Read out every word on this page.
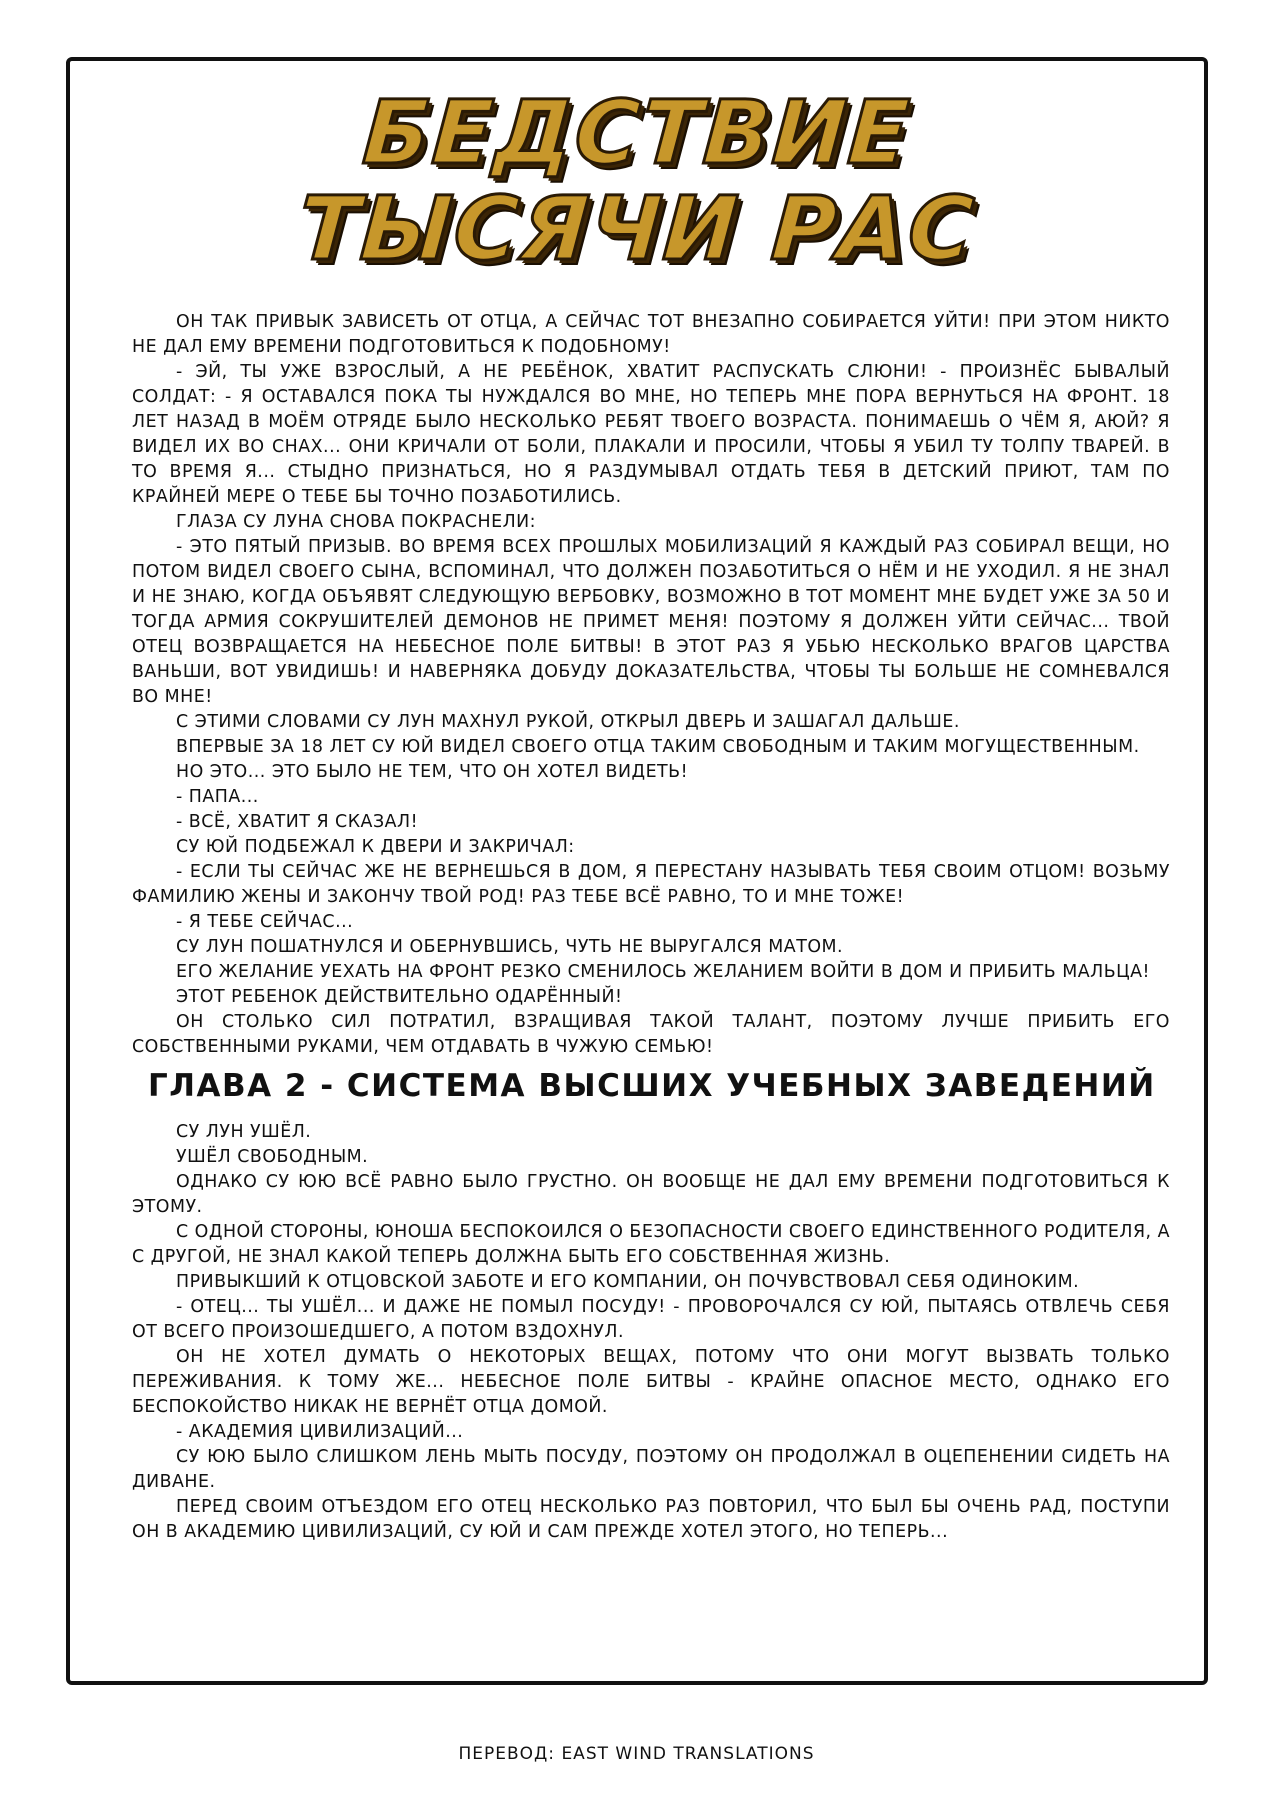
БЕДСТВИЕ
ТЫСЯЧИ РАС

ОН ТАК ПРИВЫК ЗАВИСЕТЬ ОТ ОТЦА, А СЕЙЧАС ТОТ ВНЕЗАПНО СОБИРАЕТСЯ УЙТИ! ПРИ ЭТОМ НИКТО НЕ ДАЛ ЕМУ ВРЕМЕНИ ПОДГОТОВИТЬСЯ К ПОДОБНОМУ!

- ЭЙ, ТЫ УЖЕ ВЗРОСЛЫЙ, А НЕ РЕБЁНОК, ХВАТИТ РАСПУСКАТЬ СЛЮНИ! - ПРОИЗНЁС БЫВАЛЫЙ СОЛДАТ: - Я ОСТАВАЛСЯ ПОКА ТЫ НУЖДАЛСЯ ВО МНЕ, НО ТЕПЕРЬ МНЕ ПОРА ВЕРНУТЬСЯ НА ФРОНТ. 18 ЛЕТ НАЗАД В МОЁМ ОТРЯДЕ БЫЛО НЕСКОЛЬКО РЕБЯТ ТВОЕГО ВОЗРАСТА. ПОНИМАЕШЬ О ЧЁМ Я, АЮЙ? Я ВИДЕЛ ИХ ВО СНАХ... ОНИ КРИЧАЛИ ОТ БОЛИ, ПЛАКАЛИ И ПРОСИЛИ, ЧТОБЫ Я УБИЛ ТУ ТОЛПУ ТВАРЕЙ. В ТО ВРЕМЯ Я... СТЫДНО ПРИЗНАТЬСЯ, НО Я РАЗДУМЫВАЛ ОТДАТЬ ТЕБЯ В ДЕТСКИЙ ПРИЮТ, ТАМ ПО КРАЙНЕЙ МЕРЕ О ТЕБЕ БЫ ТОЧНО ПОЗАБОТИЛИСЬ.

ГЛАЗА СУ ЛУНА СНОВА ПОКРАСНЕЛИ:

- ЭТО ПЯТЫЙ ПРИЗЫВ. ВО ВРЕМЯ ВСЕХ ПРОШЛЫХ МОБИЛИЗАЦИЙ Я КАЖДЫЙ РАЗ СОБИРАЛ ВЕЩИ, НО ПОТОМ ВИДЕЛ СВОЕГО СЫНА, ВСПОМИНАЛ, ЧТО ДОЛЖЕН ПОЗАБОТИТЬСЯ О НЁМ И НЕ УХОДИЛ. Я НЕ ЗНАЛ И НЕ ЗНАЮ, КОГДА ОБЪЯВЯТ СЛЕДУЮЩУЮ ВЕРБОВКУ, ВОЗМОЖНО В ТОТ МОМЕНТ МНЕ БУДЕТ УЖЕ ЗА 50 И ТОГДА АРМИЯ СОКРУШИТЕЛЕЙ ДЕМОНОВ НЕ ПРИМЕТ МЕНЯ! ПОЭТОМУ Я ДОЛЖЕН УЙТИ СЕЙЧАС... ТВОЙ ОТЕЦ ВОЗВРАЩАЕТСЯ НА НЕБЕСНОЕ ПОЛЕ БИТВЫ! В ЭТОТ РАЗ Я УБЬЮ НЕСКОЛЬКО ВРАГОВ ЦАРСТВА ВАНЬШИ, ВОТ УВИДИШЬ! И НАВЕРНЯКА ДОБУДУ ДОКАЗАТЕЛЬСТВА, ЧТОБЫ ТЫ БОЛЬШЕ НЕ СОМНЕВАЛСЯ ВО МНЕ!

С ЭТИМИ СЛОВАМИ СУ ЛУН МАХНУЛ РУКОЙ, ОТКРЫЛ ДВЕРЬ И ЗАШАГАЛ ДАЛЬШЕ.

ВПЕРВЫЕ ЗА 18 ЛЕТ СУ ЮЙ ВИДЕЛ СВОЕГО ОТЦА ТАКИМ СВОБОДНЫМ И ТАКИМ МОГУЩЕСТВЕННЫМ.

НО ЭТО... ЭТО БЫЛО НЕ ТЕМ, ЧТО ОН ХОТЕЛ ВИДЕТЬ!

- ПАПА...

- ВСЁ, ХВАТИТ Я СКАЗАЛ!

СУ ЮЙ ПОДБЕЖАЛ К ДВЕРИ И ЗАКРИЧАЛ:

- ЕСЛИ ТЫ СЕЙЧАС ЖЕ НЕ ВЕРНЕШЬСЯ В ДОМ, Я ПЕРЕСТАНУ НАЗЫВАТЬ ТЕБЯ СВОИМ ОТЦОМ! ВОЗЬМУ ФАМИЛИЮ ЖЕНЫ И ЗАКОНЧУ ТВОЙ РОД! РАЗ ТЕБЕ ВСЁ РАВНО, ТО И МНЕ ТОЖЕ!

- Я ТЕБЕ СЕЙЧАС...

СУ ЛУН ПОШАТНУЛСЯ И ОБЕРНУВШИСЬ, ЧУТЬ НЕ ВЫРУГАЛСЯ МАТОМ.

ЕГО ЖЕЛАНИЕ УЕХАТЬ НА ФРОНТ РЕЗКО СМЕНИЛОСЬ ЖЕЛАНИЕМ ВОЙТИ В ДОМ И ПРИБИТЬ МАЛЬЦА!

ЭТОТ РЕБЕНОК ДЕЙСТВИТЕЛЬНО ОДАРЁННЫЙ!

ОН СТОЛЬКО СИЛ ПОТРАТИЛ, ВЗРАЩИВАЯ ТАКОЙ ТАЛАНТ, ПОЭТОМУ ЛУЧШЕ ПРИБИТЬ ЕГО СОБСТВЕННЫМИ РУКАМИ, ЧЕМ ОТДАВАТЬ В ЧУЖУЮ СЕМЬЮ!

ГЛАВА 2 - СИСТЕМА ВЫСШИХ УЧЕБНЫХ ЗАВЕДЕНИЙ

СУ ЛУН УШЁЛ.

УШЁЛ СВОБОДНЫМ.

ОДНАКО СУ ЮЮ ВСЁ РАВНО БЫЛО ГРУСТНО. ОН ВООБЩЕ НЕ ДАЛ ЕМУ ВРЕМЕНИ ПОДГОТОВИТЬСЯ К ЭТОМУ.

С ОДНОЙ СТОРОНЫ, ЮНОША БЕСПОКОИЛСЯ О БЕЗОПАСНОСТИ СВОЕГО ЕДИНСТВЕННОГО РОДИТЕЛЯ, А С ДРУГОЙ, НЕ ЗНАЛ КАКОЙ ТЕПЕРЬ ДОЛЖНА БЫТЬ ЕГО СОБСТВЕННАЯ ЖИЗНЬ.

ПРИВЫКШИЙ К ОТЦОВСКОЙ ЗАБОТЕ И ЕГО КОМПАНИИ, ОН ПОЧУВСТВОВАЛ СЕБЯ ОДИНОКИМ.

- ОТЕЦ... ТЫ УШЁЛ... И ДАЖЕ НЕ ПОМЫЛ ПОСУДУ! - ПРОВОРОЧАЛСЯ СУ ЮЙ, ПЫТАЯСЬ ОТВЛЕЧЬ СЕБЯ ОТ ВСЕГО ПРОИЗОШЕДШЕГО, А ПОТОМ ВЗДОХНУЛ.

ОН НЕ ХОТЕЛ ДУМАТЬ О НЕКОТОРЫХ ВЕЩАХ, ПОТОМУ ЧТО ОНИ МОГУТ ВЫЗВАТЬ ТОЛЬКО ПЕРЕЖИВАНИЯ. К ТОМУ ЖЕ... НЕБЕСНОЕ ПОЛЕ БИТВЫ - КРАЙНЕ ОПАСНОЕ МЕСТО, ОДНАКО ЕГО БЕСПОКОЙСТВО НИКАК НЕ ВЕРНЁТ ОТЦА ДОМОЙ.

- АКАДЕМИЯ ЦИВИЛИЗАЦИЙ...

СУ ЮЮ БЫЛО СЛИШКОМ ЛЕНЬ МЫТЬ ПОСУДУ, ПОЭТОМУ ОН ПРОДОЛЖАЛ В ОЦЕПЕНЕНИИ СИДЕТЬ НА ДИВАНЕ.

ПЕРЕД СВОИМ ОТЪЕЗДОМ ЕГО ОТЕЦ НЕСКОЛЬКО РАЗ ПОВТОРИЛ, ЧТО БЫЛ БЫ ОЧЕНЬ РАД, ПОСТУПИ ОН В АКАДЕМИЮ ЦИВИЛИЗАЦИЙ, СУ ЮЙ И САМ ПРЕЖДЕ ХОТЕЛ ЭТОГО, НО ТЕПЕРЬ...

ПЕРЕВОД: EAST WIND TRANSLATIONS
